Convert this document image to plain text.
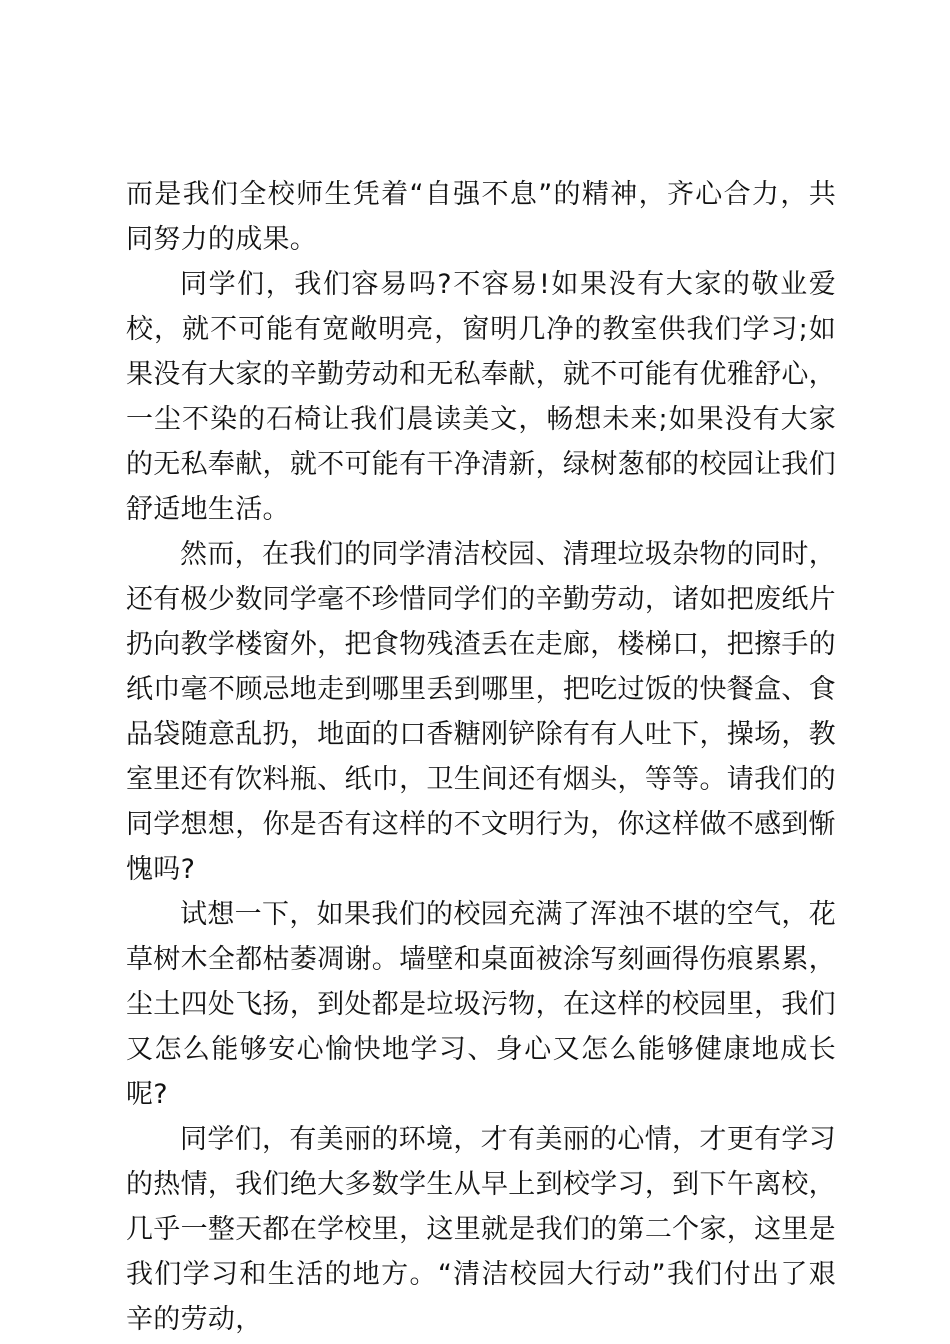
而是我们全校师生凭着“自强不息”的精神，齐心合力，共同努力的成果。

同学们，我们容易吗?不容易!如果没有大家的敬业爱校，就不可能有宽敞明亮，窗明几净的教室供我们学习;如果没有大家的辛勤劳动和无私奉献，就不可能有优雅舒心，一尘不染的石椅让我们晨读美文，畅想未来;如果没有大家的无私奉献，就不可能有干净清新，绿树葱郁的校园让我们舒适地生活。

然而，在我们的同学清洁校园、清理垃圾杂物的同时，还有极少数同学毫不珍惜同学们的辛勤劳动，诸如把废纸片扔向教学楼窗外，把食物残渣丢在走廊，楼梯口，把擦手的纸巾毫不顾忌地走到哪里丢到哪里，把吃过饭的快餐盒、食品袋随意乱扔，地面的口香糖刚铲除有有人吐下，操场，教室里还有饮料瓶、纸巾，卫生间还有烟头，等等。请我们的同学想想，你是否有这样的不文明行为，你这样做不感到惭愧吗?

试想一下，如果我们的校园充满了浑浊不堪的空气，花草树木全都枯萎凋谢。墙壁和桌面被涂写刻画得伤痕累累，尘土四处飞扬，到处都是垃圾污物，在这样的校园里，我们又怎么能够安心愉快地学习、身心又怎么能够健康地成长呢?

同学们，有美丽的环境，才有美丽的心情，才更有学习的热情，我们绝大多数学生从早上到校学习，到下午离校，几乎一整天都在学校里，这里就是我们的第二个家，这里是我们学习和生活的地方。“清洁校园大行动”我们付出了艰辛的劳动，
